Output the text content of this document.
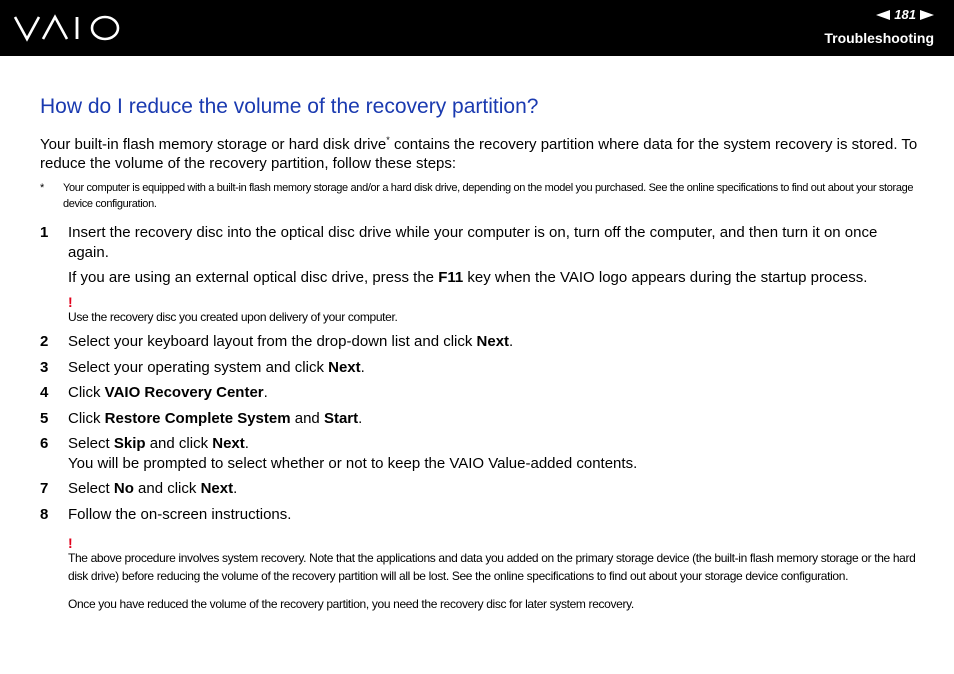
181
Troubleshooting
How do I reduce the volume of the recovery partition?
Your built-in flash memory storage or hard disk drive* contains the recovery partition where data for the system recovery is stored. To reduce the volume of the recovery partition, follow these steps:
*	Your computer is equipped with a built-in flash memory storage and/or a hard disk drive, depending on the model you purchased. See the online specifications to find out about your storage device configuration.
1	Insert the recovery disc into the optical disc drive while your computer is on, turn off the computer, and then turn it on once again.
If you are using an external optical disc drive, press the F11 key when the VAIO logo appears during the startup process.
!
Use the recovery disc you created upon delivery of your computer.
2	Select your keyboard layout from the drop-down list and click Next.
3	Select your operating system and click Next.
4	Click VAIO Recovery Center.
5	Click Restore Complete System and Start.
6	Select Skip and click Next.
You will be prompted to select whether or not to keep the VAIO Value-added contents.
7	Select No and click Next.
8	Follow the on-screen instructions.
!
The above procedure involves system recovery. Note that the applications and data you added on the primary storage device (the built-in flash memory storage or the hard disk drive) before reducing the volume of the recovery partition will all be lost. See the online specifications to find out about your storage device configuration.
Once you have reduced the volume of the recovery partition, you need the recovery disc for later system recovery.
